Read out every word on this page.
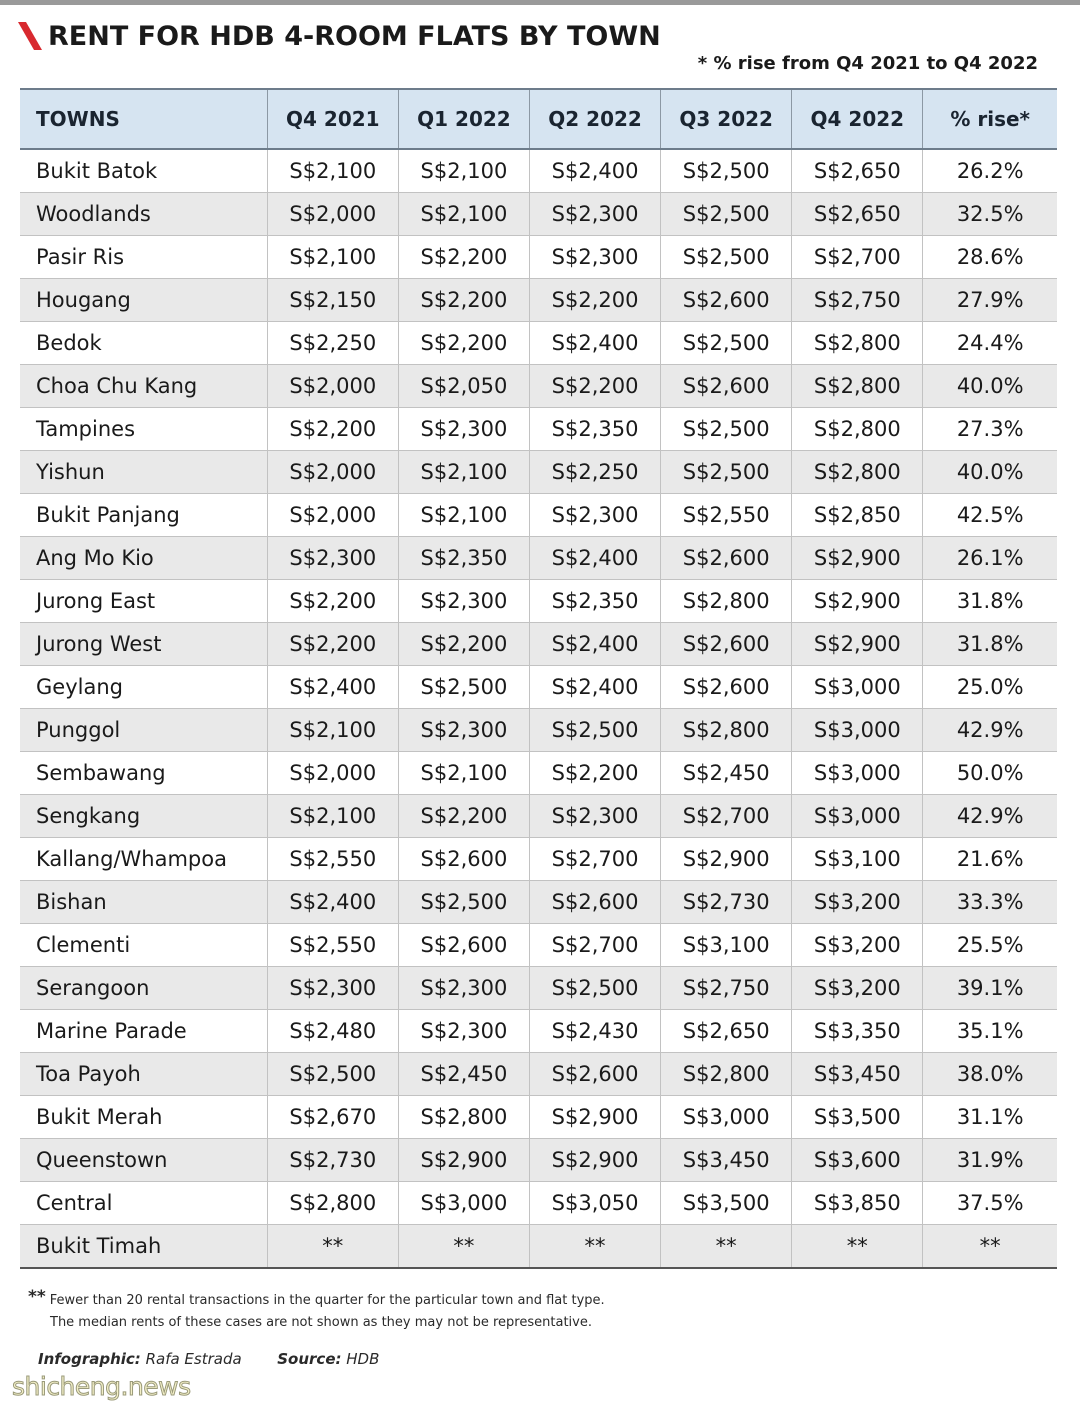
RENT FOR HDB 4-ROOM FLATS BY TOWN
* % rise from Q4 2021 to Q4 2022
TOWNS	Q4 2021	Q1 2022	Q2 2022	Q3 2022	Q4 2022	% rise*
Bukit Batok	S$2,100	S$2,100	S$2,400	S$2,500	S$2,650	26.2%
Woodlands	S$2,000	S$2,100	S$2,300	S$2,500	S$2,650	32.5%
Pasir Ris	S$2,100	S$2,200	S$2,300	S$2,500	S$2,700	28.6%
Hougang	S$2,150	S$2,200	S$2,200	S$2,600	S$2,750	27.9%
Bedok	S$2,250	S$2,200	S$2,400	S$2,500	S$2,800	24.4%
Choa Chu Kang	S$2,000	S$2,050	S$2,200	S$2,600	S$2,800	40.0%
Tampines	S$2,200	S$2,300	S$2,350	S$2,500	S$2,800	27.3%
Yishun	S$2,000	S$2,100	S$2,250	S$2,500	S$2,800	40.0%
Bukit Panjang	S$2,000	S$2,100	S$2,300	S$2,550	S$2,850	42.5%
Ang Mo Kio	S$2,300	S$2,350	S$2,400	S$2,600	S$2,900	26.1%
Jurong East	S$2,200	S$2,300	S$2,350	S$2,800	S$2,900	31.8%
Jurong West	S$2,200	S$2,200	S$2,400	S$2,600	S$2,900	31.8%
Geylang	S$2,400	S$2,500	S$2,400	S$2,600	S$3,000	25.0%
Punggol	S$2,100	S$2,300	S$2,500	S$2,800	S$3,000	42.9%
Sembawang	S$2,000	S$2,100	S$2,200	S$2,450	S$3,000	50.0%
Sengkang	S$2,100	S$2,200	S$2,300	S$2,700	S$3,000	42.9%
Kallang/Whampoa	S$2,550	S$2,600	S$2,700	S$2,900	S$3,100	21.6%
Bishan	S$2,400	S$2,500	S$2,600	S$2,730	S$3,200	33.3%
Clementi	S$2,550	S$2,600	S$2,700	S$3,100	S$3,200	25.5%
Serangoon	S$2,300	S$2,300	S$2,500	S$2,750	S$3,200	39.1%
Marine Parade	S$2,480	S$2,300	S$2,430	S$2,650	S$3,350	35.1%
Toa Payoh	S$2,500	S$2,450	S$2,600	S$2,800	S$3,450	38.0%
Bukit Merah	S$2,670	S$2,800	S$2,900	S$3,000	S$3,500	31.1%
Queenstown	S$2,730	S$2,900	S$2,900	S$3,450	S$3,600	31.9%
Central	S$2,800	S$3,000	S$3,050	S$3,500	S$3,850	37.5%
Bukit Timah	**	**	**	**	**	**
** Fewer than 20 rental transactions in the quarter for the particular town and flat type.
The median rents of these cases are not shown as they may not be representative.
Infographic: Rafa Estrada Source: HDB
shicheng.news
